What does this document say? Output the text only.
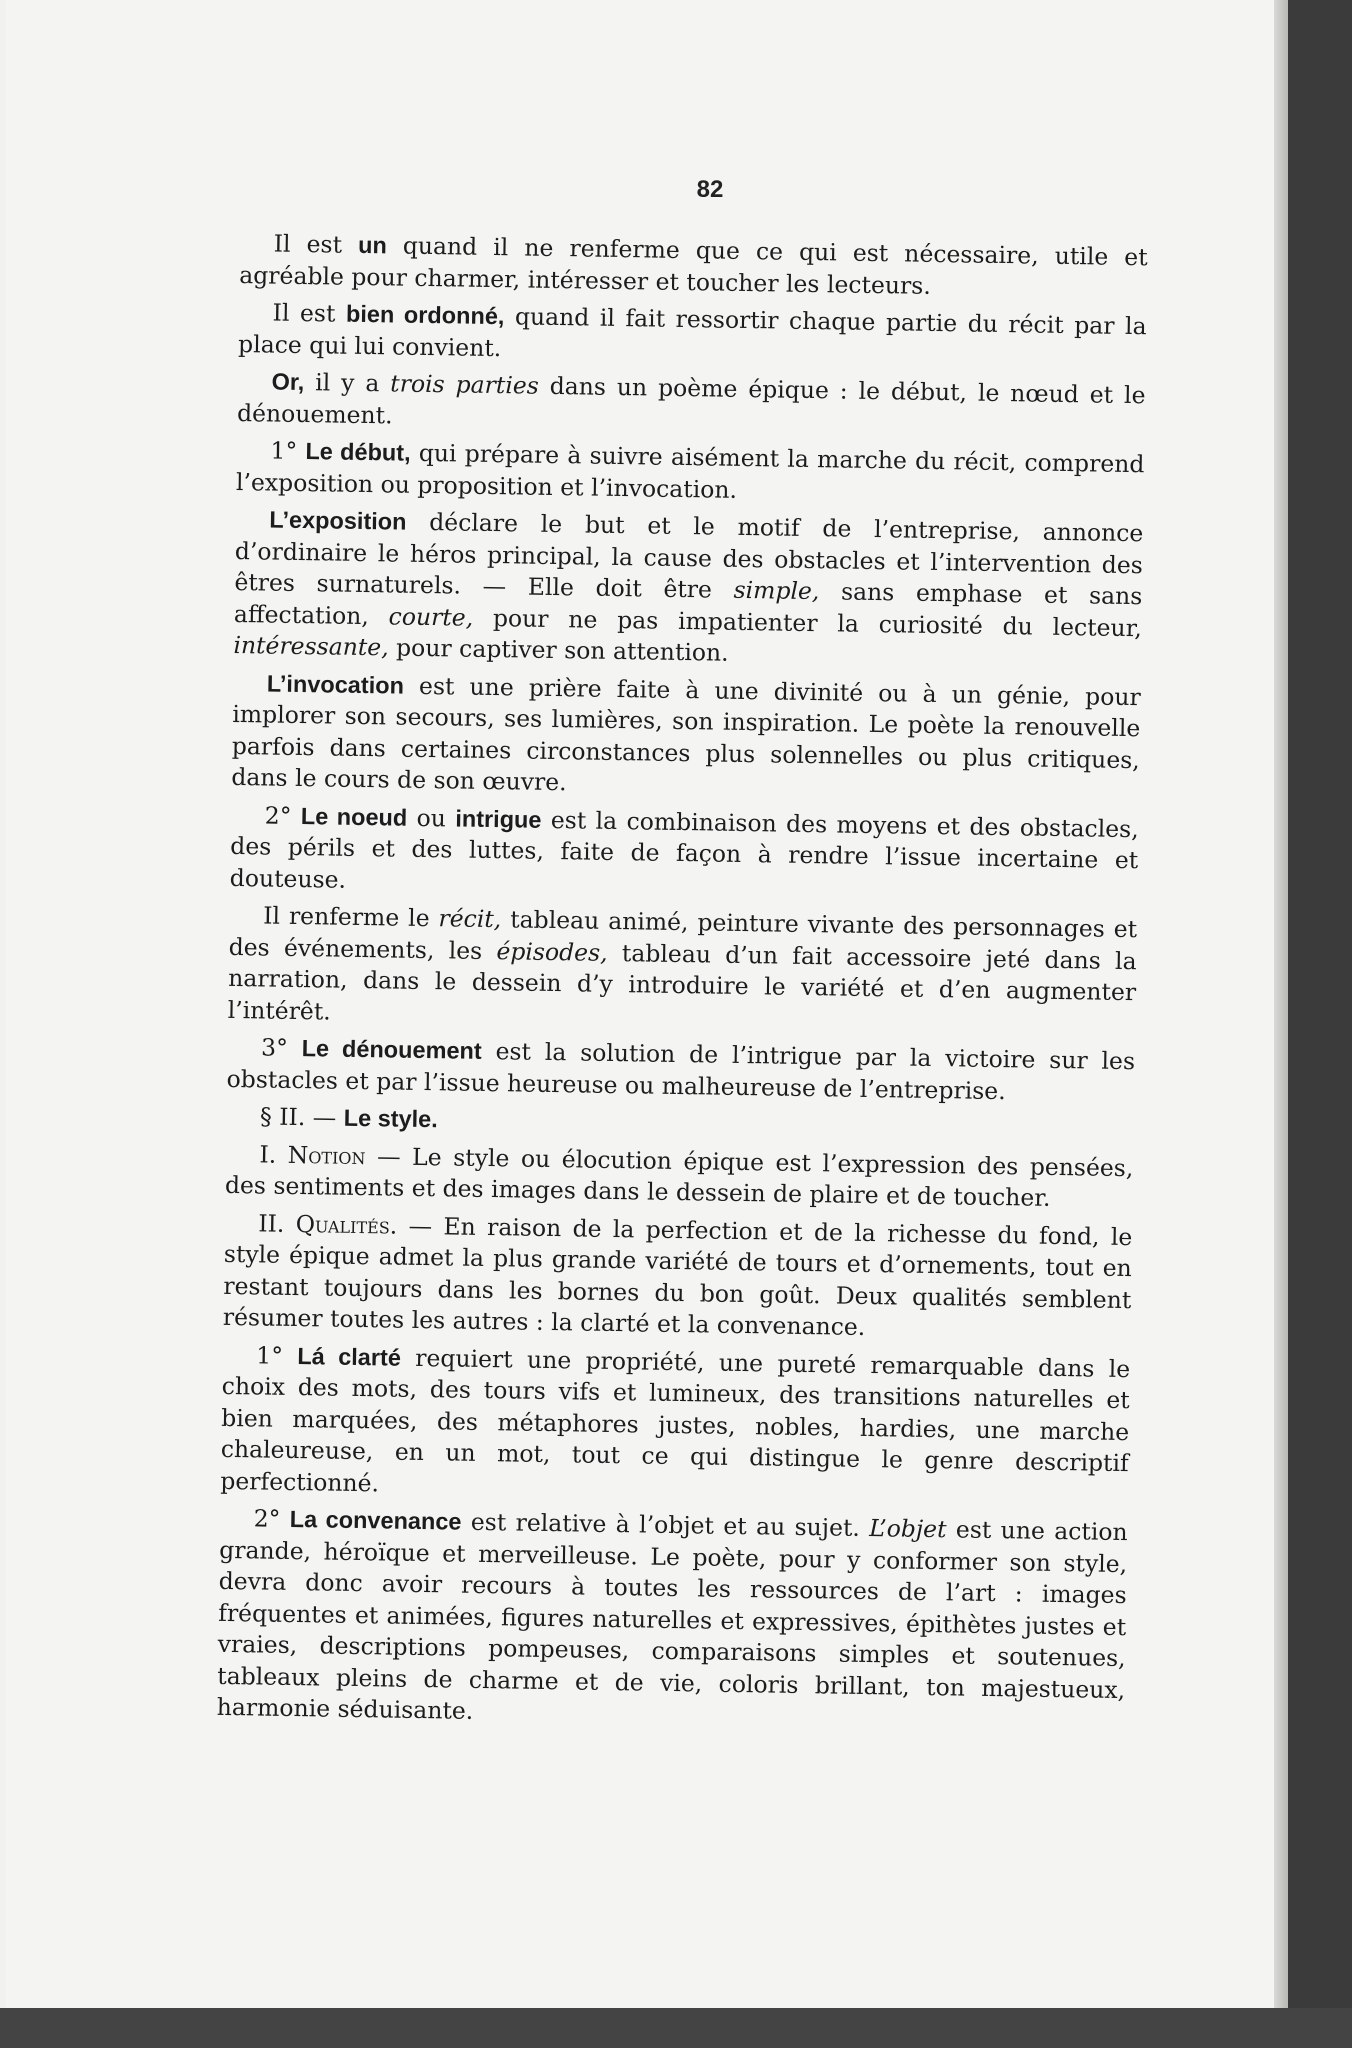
82

Il est un quand il ne renferme que ce qui est nécessaire, utile et agréable pour charmer, intéresser et toucher les lecteurs.

Il est bien ordonné, quand il fait ressortir chaque partie du récit par la place qui lui convient.

Or, il y a trois parties dans un poème épique : le début, le nœud et le dénouement.

1° Le début, qui prépare à suivre aisément la marche du récit, comprend l’exposition ou proposition et l’invocation.

L’exposition déclare le but et le motif de l’entreprise, annonce d’ordinaire le héros principal, la cause des obstacles et l’intervention des êtres surnaturels. — Elle doit être simple, sans emphase et sans affectation, courte, pour ne pas impatienter la curiosité du lecteur, intéressante, pour captiver son attention.

L’invocation est une prière faite à une divinité ou à un génie, pour implorer son secours, ses lumières, son inspiration. Le poète la renouvelle parfois dans certaines circonstances plus solennelles ou plus critiques, dans le cours de son œuvre.

2° Le noeud ou intrigue est la combinaison des moyens et des obstacles, des périls et des luttes, faite de façon à rendre l’issue incertaine et douteuse.

Il renferme le récit, tableau animé, peinture vivante des personnages et des événements, les épisodes, tableau d’un fait accessoire jeté dans la narration, dans le dessein d’y introduire le variété et d’en augmenter l’intérêt.

3° Le dénouement est la solution de l’intrigue par la victoire sur les obstacles et par l’issue heureuse ou malheureuse de l’entreprise.

§ II. — Le style.

I. Notion — Le style ou élocution épique est l’expression des pensées, des sentiments et des images dans le dessein de plaire et de toucher.

II. Qualités. — En raison de la perfection et de la richesse du fond, le style épique admet la plus grande variété de tours et d’ornements, tout en restant toujours dans les bornes du bon goût. Deux qualités semblent résumer toutes les autres : la clarté et la convenance.

1° Lá clarté requiert une propriété, une pureté remarquable dans le choix des mots, des tours vifs et lumineux, des transitions naturelles et bien marquées, des métaphores justes, nobles, hardies, une marche chaleureuse, en un mot, tout ce qui distingue le genre descriptif perfectionné.

2° La convenance est relative à l’objet et au sujet. L’objet est une action grande, héroïque et merveilleuse. Le poète, pour y conformer son style, devra donc avoir recours à toutes les ressources de l’art : images fréquentes et animées, figures naturelles et expressives, épithètes justes et vraies, descriptions pompeuses, comparaisons simples et soutenues, tableaux pleins de charme et de vie, coloris brillant, ton majestueux, harmonie séduisante.
